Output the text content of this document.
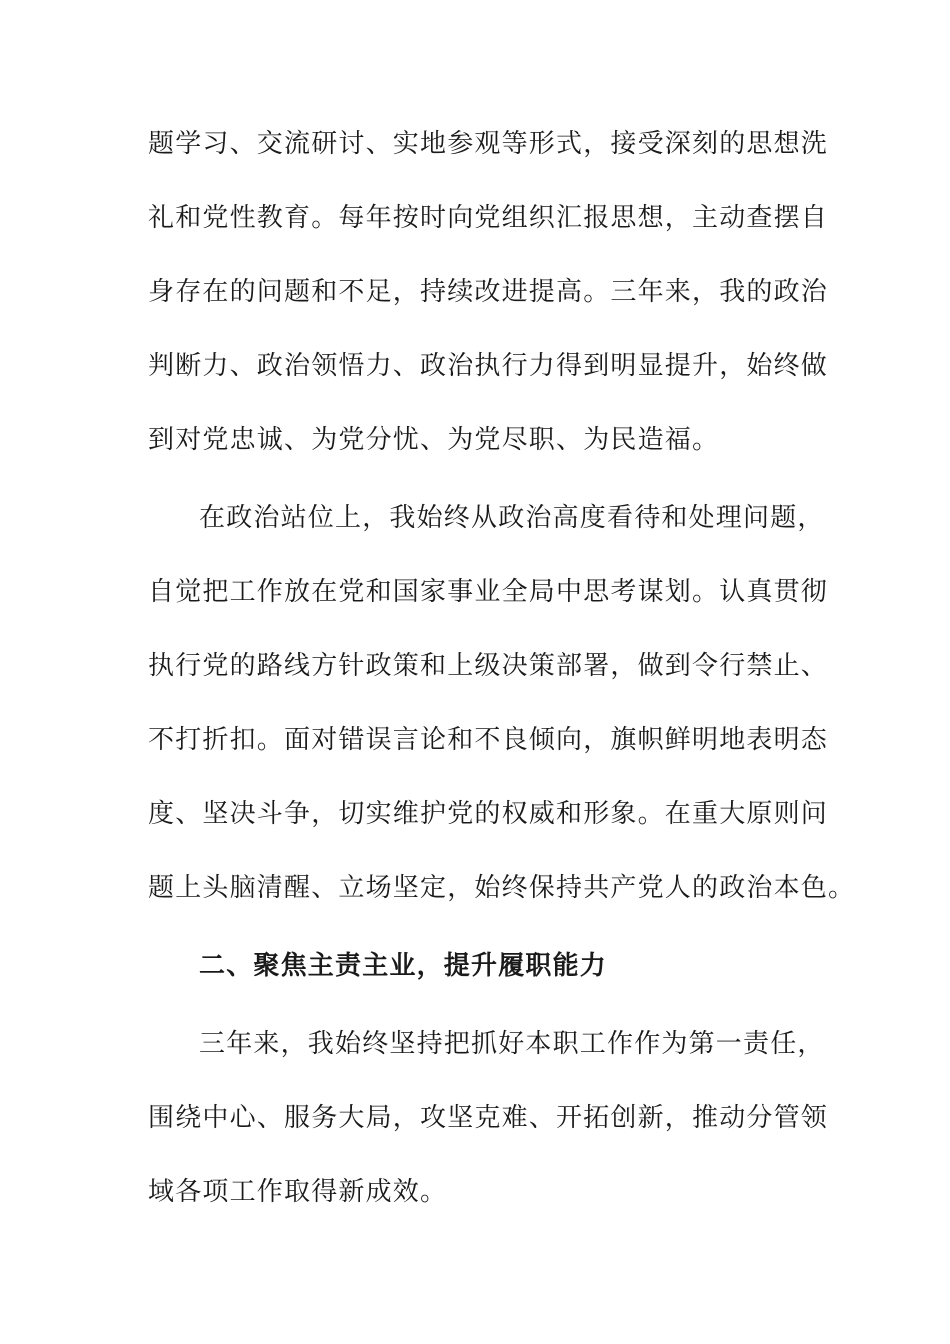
题学习、交流研讨、实地参观等形式，接受深刻的思想洗
礼和党性教育。每年按时向党组织汇报思想，主动查摆自
身存在的问题和不足，持续改进提高。三年来，我的政治
判断力、政治领悟力、政治执行力得到明显提升，始终做
到对党忠诚、为党分忧、为党尽职、为民造福。
在政治站位上，我始终从政治高度看待和处理问题，
自觉把工作放在党和国家事业全局中思考谋划。认真贯彻
执行党的路线方针政策和上级决策部署，做到令行禁止、
不打折扣。面对错误言论和不良倾向，旗帜鲜明地表明态
度、坚决斗争，切实维护党的权威和形象。在重大原则问
题上头脑清醒、立场坚定，始终保持共产党人的政治本色。
二、聚焦主责主业，提升履职能力
三年来，我始终坚持把抓好本职工作作为第一责任，
围绕中心、服务大局，攻坚克难、开拓创新，推动分管领
域各项工作取得新成效。
